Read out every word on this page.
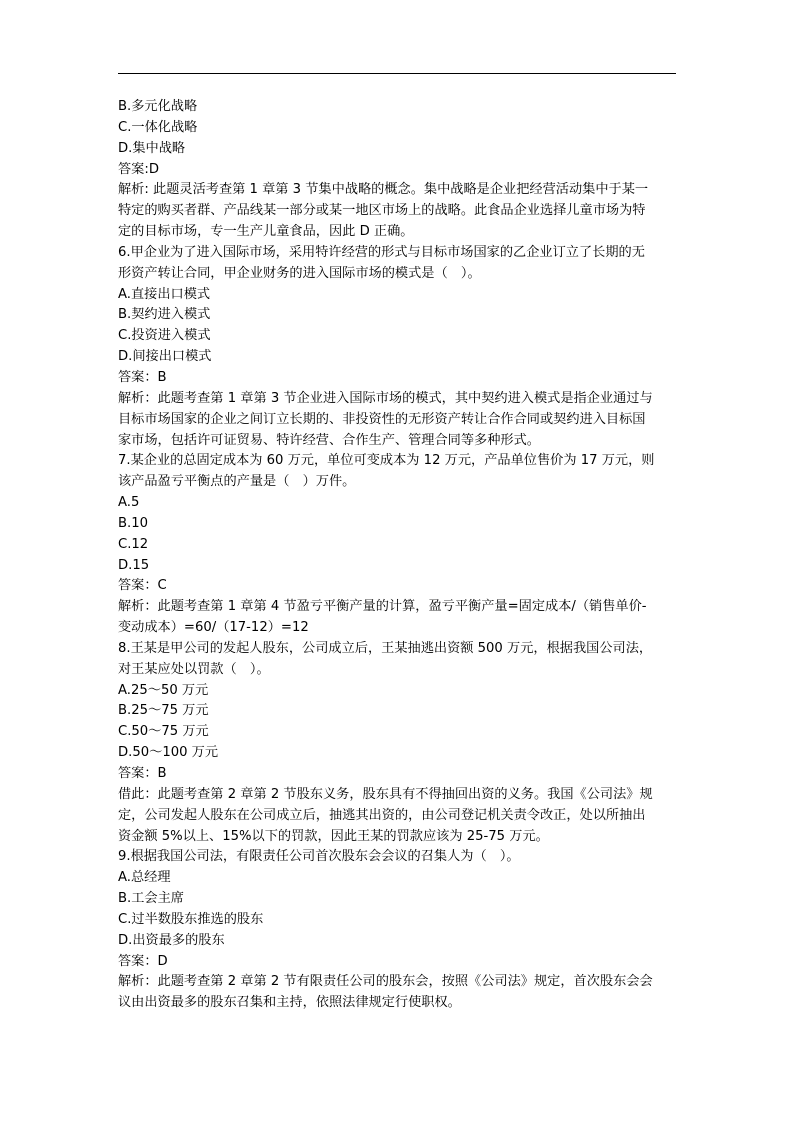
B.多元化战略
C.一体化战略
D.集中战略
答案:D
解析: 此题灵活考查第 1 章第 3 节集中战略的概念。集中战略是企业把经营活动集中于某一
特定的购买者群、产品线某一部分或某一地区市场上的战略。此食品企业选择儿童市场为特
定的目标市场，专一生产儿童食品，因此 D 正确。
6.甲企业为了进入国际市场，采用特许经营的形式与目标市场国家的乙企业订立了长期的无
形资产转让合同，甲企业财务的进入国际市场的模式是（　）。
A.直接出口模式
B.契约进入模式
C.投资进入模式
D.间接出口模式
答案：B
解析：此题考查第 1 章第 3 节企业进入国际市场的模式，其中契约进入模式是指企业通过与
目标市场国家的企业之间订立长期的、非投资性的无形资产转让合作合同或契约进入目标国
家市场，包括许可证贸易、特许经营、合作生产、管理合同等多种形式。
7.某企业的总固定成本为 60 万元，单位可变成本为 12 万元，产品单位售价为 17 万元，则
该产品盈亏平衡点的产量是（　）万件。
A.5
B.10
C.12
D.15
答案：C
解析：此题考查第 1 章第 4 节盈亏平衡产量的计算，盈亏平衡产量=固定成本/（销售单价-
变动成本）=60/（17-12）=12
8.王某是甲公司的发起人股东，公司成立后，王某抽逃出资额 500 万元，根据我国公司法，
对王某应处以罚款（　）。
A.25～50 万元
B.25～75 万元
C.50～75 万元
D.50～100 万元
答案：B
借此：此题考查第 2 章第 2 节股东义务，股东具有不得抽回出资的义务。我国《公司法》规
定，公司发起人股东在公司成立后，抽逃其出资的，由公司登记机关责令改正，处以所抽出
资金额 5%以上、15%以下的罚款，因此王某的罚款应该为 25-75 万元。
9.根据我国公司法，有限责任公司首次股东会会议的召集人为（　）。
A.总经理
B.工会主席
C.过半数股东推选的股东
D.出资最多的股东
答案：D
解析：此题考查第 2 章第 2 节有限责任公司的股东会，按照《公司法》规定，首次股东会会
议由出资最多的股东召集和主持，依照法律规定行使职权。
